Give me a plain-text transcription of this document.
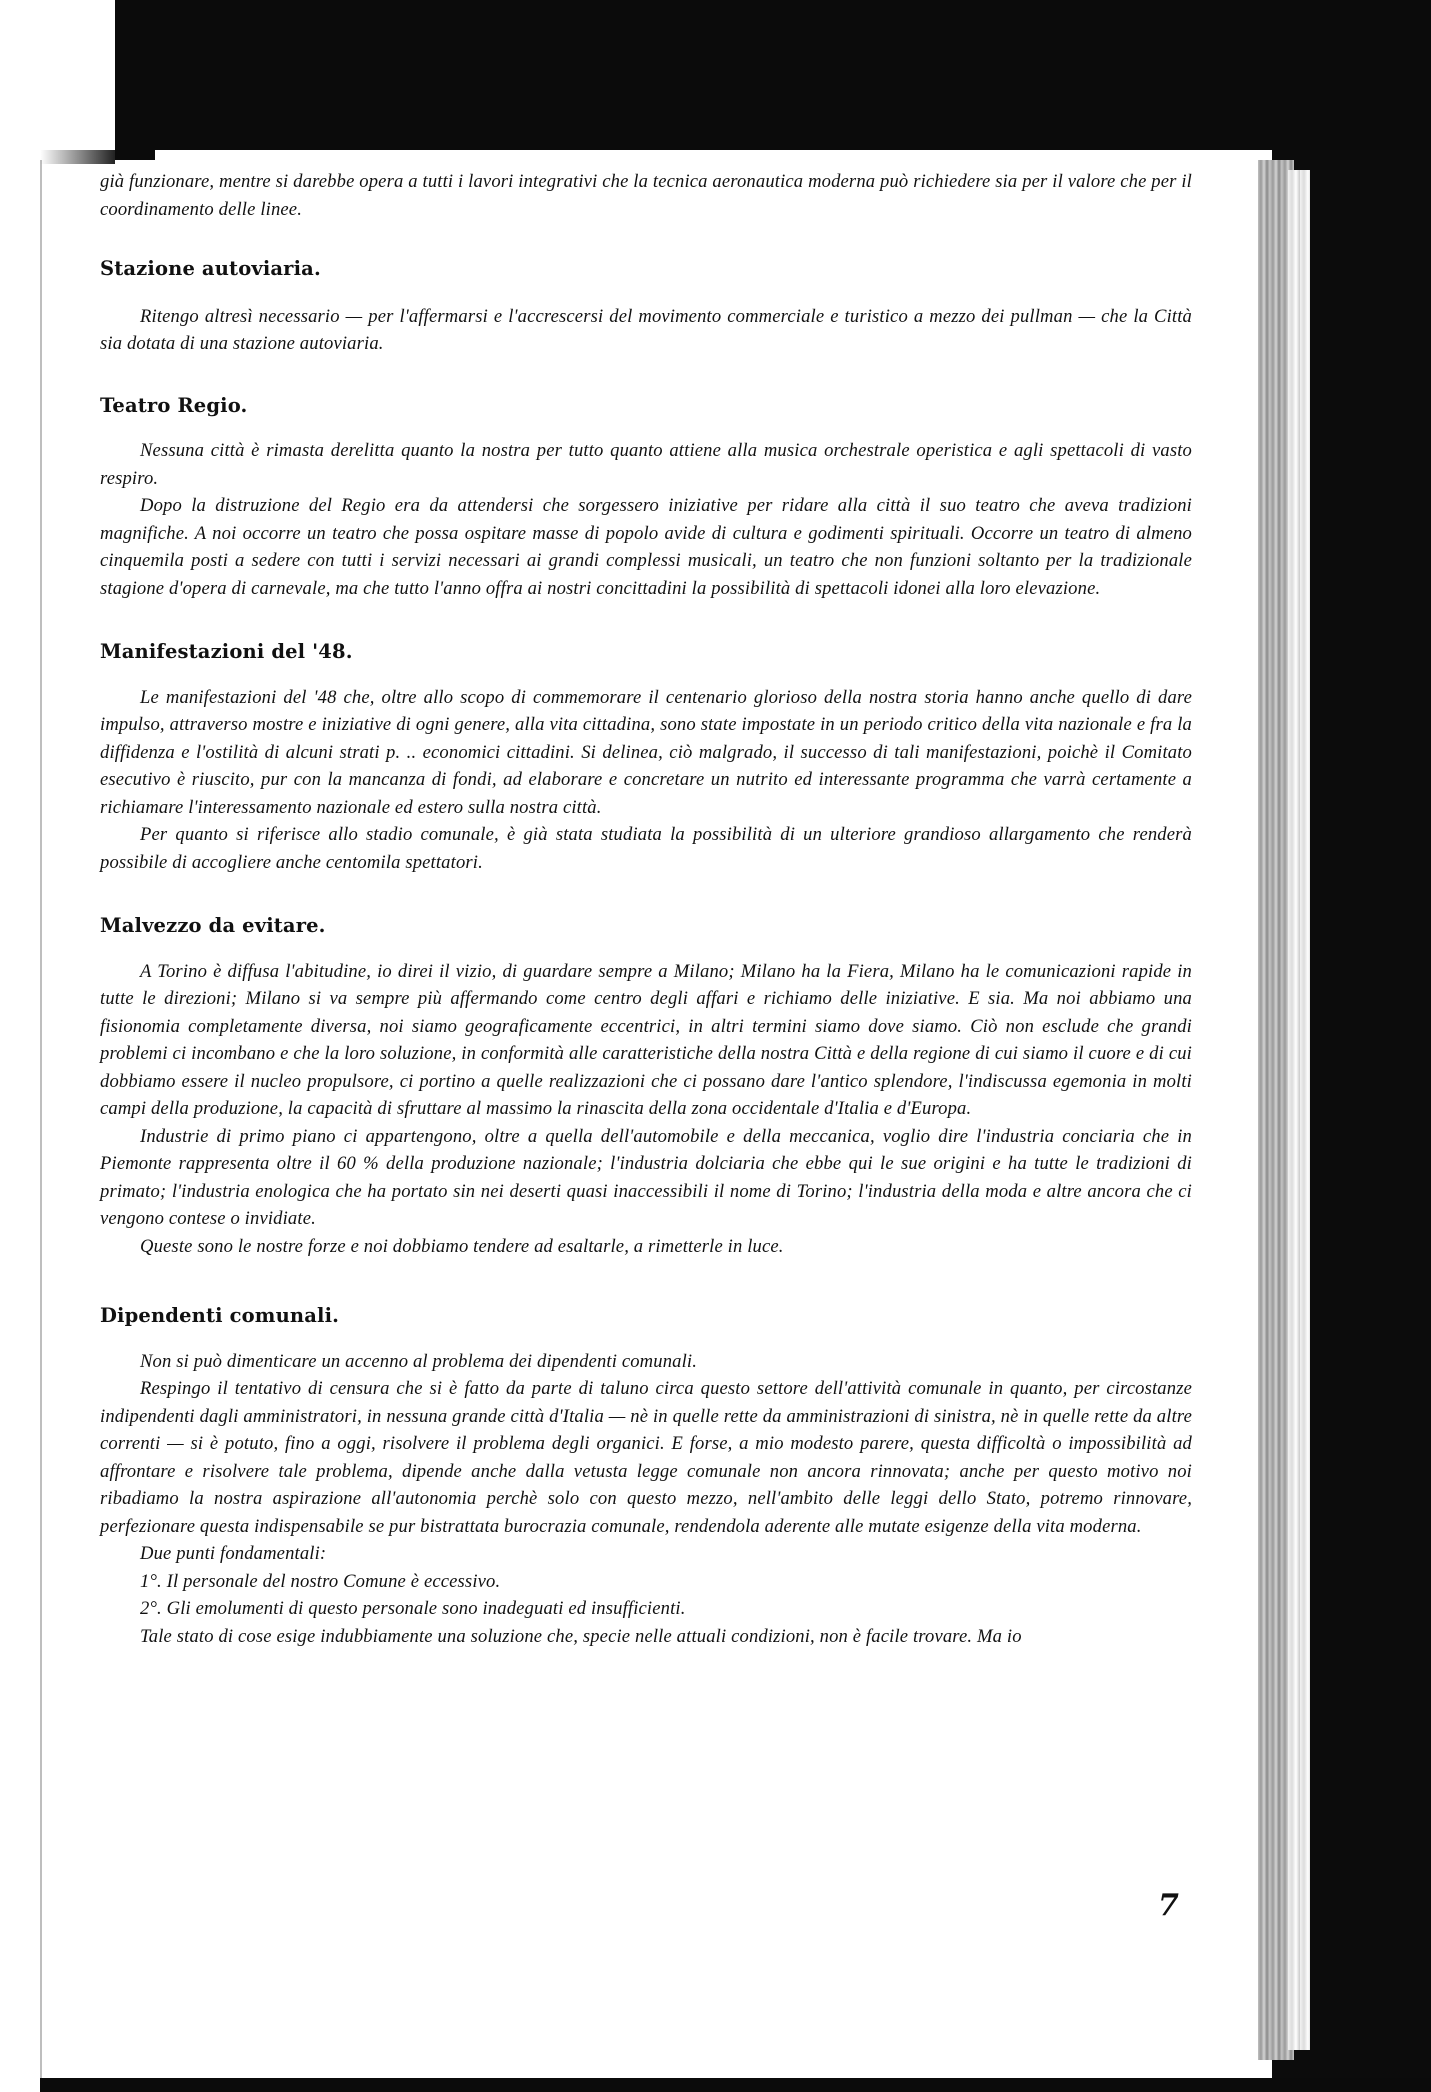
già funzionare, mentre si darebbe opera a tutti i lavori integrativi che la tecnica aeronautica moderna può richiedere sia per il valore che per il coordinamento delle linee.

Stazione autoviaria.

Ritengo altresì necessario — per l'affermarsi e l'accrescersi del movimento commerciale e turistico a mezzo dei pullman — che la Città sia dotata di una stazione autoviaria.

Teatro Regio.

Nessuna città è rimasta derelitta quanto la nostra per tutto quanto attiene alla musica orchestrale operistica e agli spettacoli di vasto respiro.

Dopo la distruzione del Regio era da attendersi che sorgessero iniziative per ridare alla città il suo teatro che aveva tradizioni magnifiche. A noi occorre un teatro che possa ospitare masse di popolo avide di cultura e godimenti spirituali. Occorre un teatro di almeno cinquemila posti a sedere con tutti i servizi necessari ai grandi complessi musicali, un teatro che non funzioni soltanto per la tradizionale stagione d'opera di carnevale, ma che tutto l'anno offra ai nostri concittadini la possibilità di spettacoli idonei alla loro elevazione.

Manifestazioni del '48.

Le manifestazioni del '48 che, oltre allo scopo di commemorare il centenario glorioso della nostra storia hanno anche quello di dare impulso, attraverso mostre e iniziative di ogni genere, alla vita cittadina, sono state impostate in un periodo critico della vita nazionale e fra la diffidenza e l'ostilità di alcuni strati p. .. economici cittadini. Si delinea, ciò malgrado, il successo di tali manifestazioni, poichè il Comitato esecutivo è riuscito, pur con la mancanza di fondi, ad elaborare e concretare un nutrito ed interessante programma che varrà certamente a richiamare l'interessamento nazionale ed estero sulla nostra città.

Per quanto si riferisce allo stadio comunale, è già stata studiata la possibilità di un ulteriore grandioso allargamento che renderà possibile di accogliere anche centomila spettatori.

Malvezzo da evitare.

A Torino è diffusa l'abitudine, io direi il vizio, di guardare sempre a Milano; Milano ha la Fiera, Milano ha le comunicazioni rapide in tutte le direzioni; Milano si va sempre più affermando come centro degli affari e richiamo delle iniziative. E sia. Ma noi abbiamo una fisionomia completamente diversa, noi siamo geograficamente eccentrici, in altri termini siamo dove siamo. Ciò non esclude che grandi problemi ci incombano e che la loro soluzione, in conformità alle caratteristiche della nostra Città e della regione di cui siamo il cuore e di cui dobbiamo essere il nucleo propulsore, ci portino a quelle realizzazioni che ci possano dare l'antico splendore, l'indiscussa egemonia in molti campi della produzione, la capacità di sfruttare al massimo la rinascita della zona occidentale d'Italia e d'Europa.

Industrie di primo piano ci appartengono, oltre a quella dell'automobile e della meccanica, voglio dire l'industria conciaria che in Piemonte rappresenta oltre il 60 % della produzione nazionale; l'industria dolciaria che ebbe qui le sue origini e ha tutte le tradizioni di primato; l'industria enologica che ha portato sin nei deserti quasi inaccessibili il nome di Torino; l'industria della moda e altre ancora che ci vengono contese o invidiate.

Queste sono le nostre forze e noi dobbiamo tendere ad esaltarle, a rimetterle in luce.

Dipendenti comunali.

Non si può dimenticare un accenno al problema dei dipendenti comunali.

Respingo il tentativo di censura che si è fatto da parte di taluno circa questo settore dell'attività comunale in quanto, per circostanze indipendenti dagli amministratori, in nessuna grande città d'Italia — nè in quelle rette da amministrazioni di sinistra, nè in quelle rette da altre correnti — si è potuto, fino a oggi, risolvere il problema degli organici. E forse, a mio modesto parere, questa difficoltà o impossibilità ad affrontare e risolvere tale problema, dipende anche dalla vetusta legge comunale non ancora rinnovata; anche per questo motivo noi ribadiamo la nostra aspirazione all'autonomia perchè solo con questo mezzo, nell'ambito delle leggi dello Stato, potremo rinnovare, perfezionare questa indispensabile se pur bistrattata burocrazia comunale, rendendola aderente alle mutate esigenze della vita moderna.

Due punti fondamentali:

1°. Il personale del nostro Comune è eccessivo.

2°. Gli emolumenti di questo personale sono inadeguati ed insufficienti.

Tale stato di cose esige indubbiamente una soluzione che, specie nelle attuali condizioni, non è facile trovare. Ma io

7
